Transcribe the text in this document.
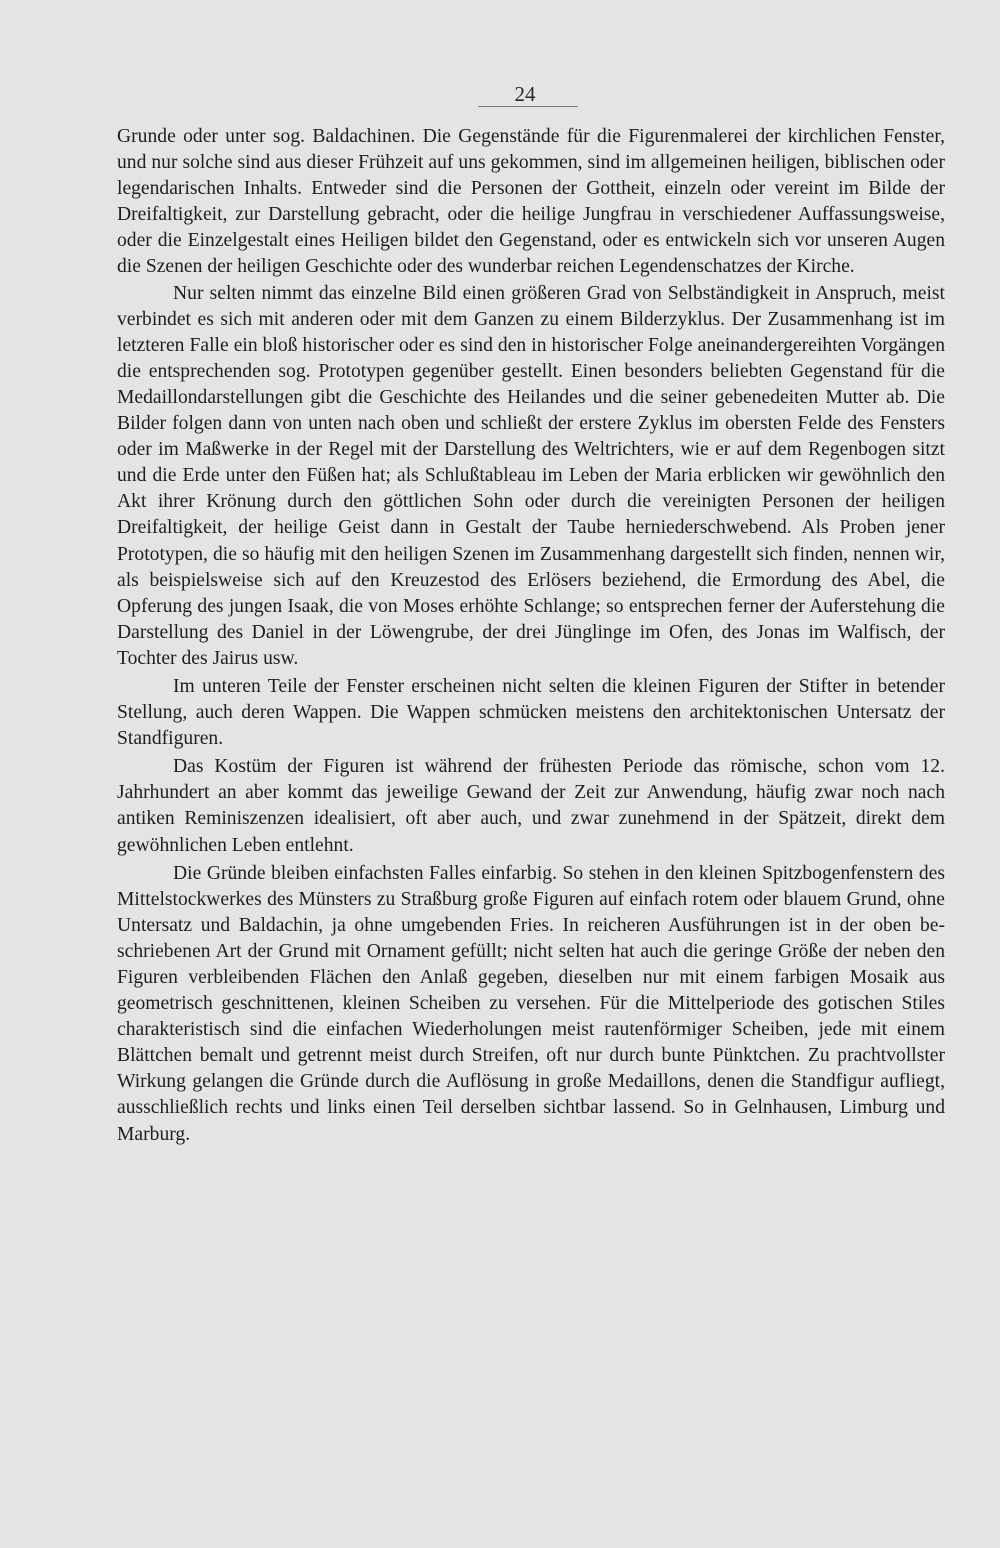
24

Grunde oder unter sog. Baldachinen. Die Gegenstände für die Figurenmalerei der kirchlichen Fenster, und nur solche sind aus dieser Frühzeit auf uns gekommen, sind im allgemeinen heiligen, biblischen oder legendarischen Inhalts. Entweder sind die Personen der Gottheit, einzeln oder vereint im Bilde der Dreifaltigkeit, zur Darstellung gebracht, oder die heilige Jungfrau in verschiedener Auffassungsweise, oder die Einzelgestalt eines Heiligen bildet den Gegenstand, oder es entwickeln sich vor unseren Augen die Szenen der heiligen Geschichte oder des wunderbar reichen Legendenschatzes der Kirche.

Nur selten nimmt das einzelne Bild einen größeren Grad von Selbständigkeit in Anspruch, meist verbindet es sich mit anderen oder mit dem Ganzen zu einem Bilderzyklus. Der Zusammenhang ist im letzteren Falle ein bloß historischer oder es sind den in historischer Folge aneinandergereihten Vorgängen die entsprechenden sog. Prototypen gegenüber gestellt. Einen besonders beliebten Gegenstand für die Medaillondarstellungen gibt die Geschichte des Heilandes und die seiner gebenedeiten Mutter ab. Die Bilder folgen dann von unten nach oben und schließt der erstere Zyklus im obersten Felde des Fensters oder im Maßwerke in der Regel mit der Darstellung des Weltrichters, wie er auf dem Regenbogen sitzt und die Erde unter den Füßen hat; als Schlußtableau im Leben der Maria erblicken wir gewöhnlich den Akt ihrer Krönung durch den göttlichen Sohn oder durch die vereinigten Personen der heiligen Dreifaltigkeit, der heilige Geist dann in Gestalt der Taube herniederschwebend. Als Proben jener Prototypen, die so häufig mit den heiligen Szenen im Zusammenhang dargestellt sich finden, nennen wir, als beispielsweise sich auf den Kreuzestod des Erlösers beziehend, die Ermordung des Abel, die Opferung des jungen Isaak, die von Moses erhöhte Schlange; so entsprechen ferner der Auferstehung die Darstellung des Daniel in der Löwengrube, der drei Jünglinge im Ofen, des Jonas im Walfisch, der Tochter des Jairus usw.

Im unteren Teile der Fenster erscheinen nicht selten die kleinen Figuren der Stifter in betender Stellung, auch deren Wappen. Die Wappen schmücken meistens den architektonischen Untersatz der Standfiguren.

Das Kostüm der Figuren ist während der frühesten Periode das römische, schon vom 12. Jahrhundert an aber kommt das jeweilige Gewand der Zeit zur Anwendung, häufig zwar noch nach antiken Reminiszenzen idealisiert, oft aber auch, und zwar zunehmend in der Spätzeit, direkt dem gewöhnlichen Leben entlehnt.

Die Gründe bleiben einfachsten Falles einfarbig. So stehen in den kleinen Spitzbogenfenstern des Mittelstockwerkes des Münsters zu Straßburg große Figuren auf einfach rotem oder blauem Grund, ohne Untersatz und Baldachin, ja ohne umgebenden Fries. In reicheren Ausführungen ist in der oben beschriebenen Art der Grund mit Ornament gefüllt; nicht selten hat auch die geringe Größe der neben den Figuren verbleibenden Flächen den Anlaß gegeben, dieselben nur mit einem farbigen Mosaik aus geometrisch geschnittenen, kleinen Scheiben zu versehen. Für die Mittelperiode des gotischen Stiles charakteristisch sind die einfachen Wiederholungen meist rautenförmiger Scheiben, jede mit einem Blättchen bemalt und getrennt meist durch Streifen, oft nur durch bunte Pünktchen. Zu prachtvollster Wirkung gelangen die Gründe durch die Auflösung in große Medaillons, denen die Standfigur aufliegt, ausschließlich rechts und links einen Teil derselben sichtbar lassend. So in Gelnhausen, Limburg und Marburg.
